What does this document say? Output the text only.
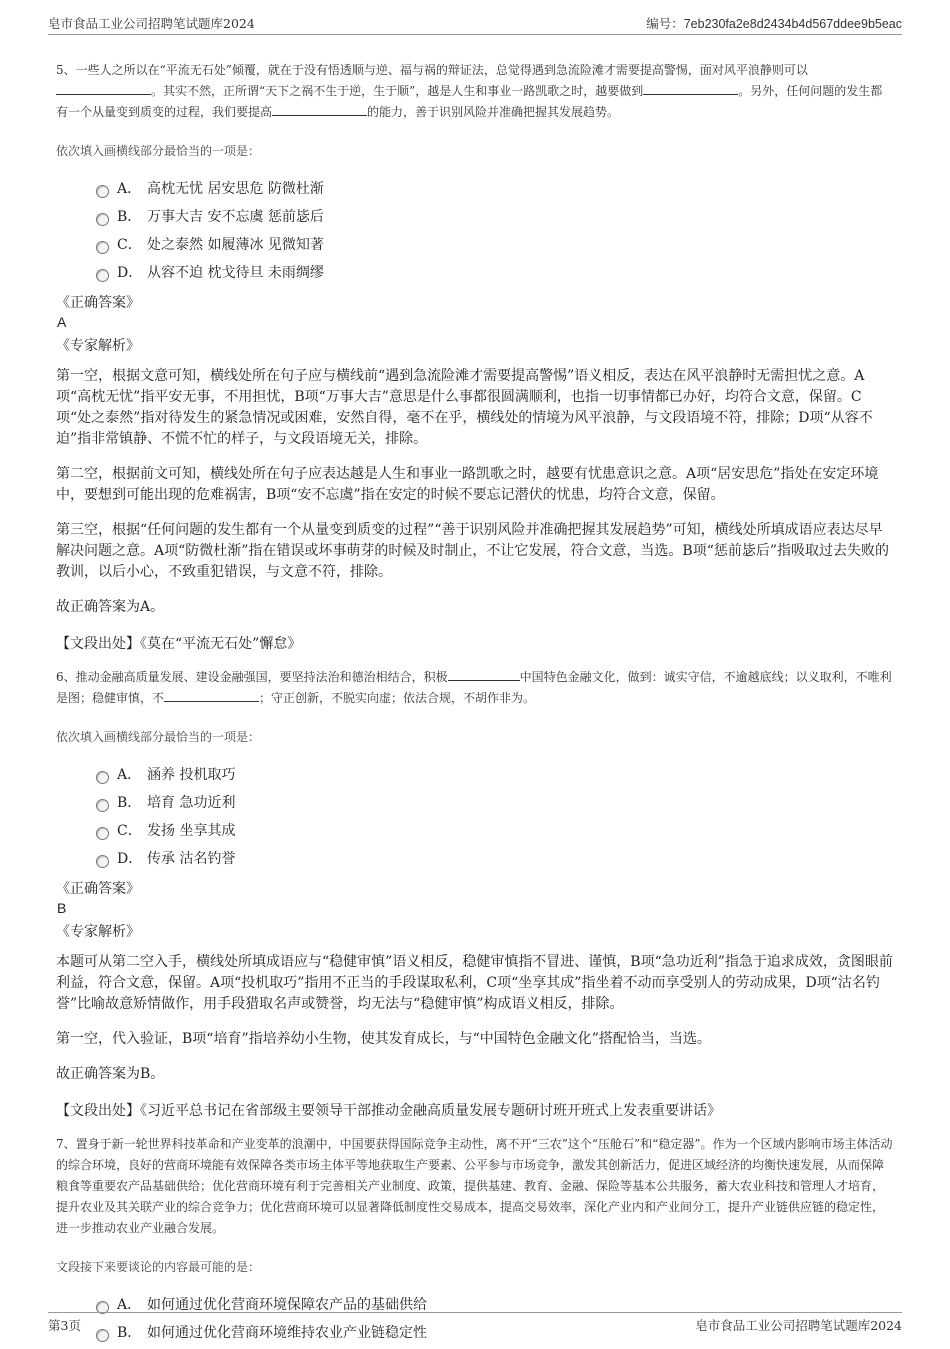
皂市食品工业公司招聘笔试题库2024	编号：7eb230fa2e8d2434b4d567ddee9b5eac

5、一些人之所以在“平流无石处”倾覆，就在于没有悟透顺与逆、福与祸的辩证法，总觉得遇到急流险滩才需要提高警惕，面对风平浪静则可以。其实不然，正所谓“天下之祸不生于逆，生于顺”，越是人生和事业一路凯歌之时，越要做到	。另外，任何问题的发生都有一个从量变到质变的过程，我们要提高	的能力，善于识别风险并准确把握其发展趋势。

依次填入画横线部分最恰当的一项是：

A． 高枕无忧 居安思危 防微杜渐
B． 万事大吉 安不忘虞 惩前毖后
C． 处之泰然 如履薄冰 见微知著
D． 从容不迫 枕戈待旦 未雨绸缪

《正确答案》

A

《专家解析》

第一空，根据文意可知，横线处所在句子应与横线前“遇到急流险滩才需要提高警惕”语义相反，表达在风平浪静时无需担忧之意。A项“高枕无忧”指平安无事，不用担忧，B项“万事大吉”意思是什么事都很圆满顺利，也指一切事情都已办好，均符合文意，保留。C项“处之泰然”指对待发生的紧急情况或困难，安然自得，毫不在乎，横线处的情境为风平浪静，与文段语境不符，排除；D项“从容不迫”指非常镇静、不慌不忙的样子，与文段语境无关，排除。

第二空，根据前文可知，横线处所在句子应表达越是人生和事业一路凯歌之时，越要有忧患意识之意。A项“居安思危”指处在安定环境中，要想到可能出现的危难祸害，B项“安不忘虞”指在安定的时候不要忘记潜伏的忧患，均符合文意，保留。

第三空，根据“任何问题的发生都有一个从量变到质变的过程”“善于识别风险并准确把握其发展趋势”可知，横线处所填成语应表达尽早解决问题之意。A项“防微杜渐”指在错误或坏事萌芽的时候及时制止，不让它发展，符合文意，当选。B项“惩前毖后”指吸取过去失败的教训，以后小心，不致重犯错误，与文意不符，排除。

故正确答案为A。

【文段出处】《莫在“平流无石处”懈怠》

6、推动金融高质量发展、建设金融强国，要坚持法治和德治相结合，积极	中国特色金融文化，做到：诚实守信，不逾越底线；以义取利，不唯利是图；稳健审慎，不	；守正创新，不脱实向虚；依法合规，不胡作非为。

依次填入画横线部分最恰当的一项是：

A． 涵养 投机取巧
B． 培育 急功近利
C． 发扬 坐享其成
D． 传承 沽名钓誉

《正确答案》

B

《专家解析》

本题可从第二空入手，横线处所填成语应与“稳健审慎”语义相反，稳健审慎指不冒进、谨慎，B项“急功近利”指急于追求成效，贪图眼前利益，符合文意，保留。A项“投机取巧”指用不正当的手段谋取私利，C项“坐享其成”指坐着不动而享受别人的劳动成果，D项“沽名钓誉”比喻故意矫情做作，用手段猎取名声或赞誉，均无法与“稳健审慎”构成语义相反，排除。

第一空，代入验证，B项“培育”指培养幼小生物，使其发育成长，与“中国特色金融文化”搭配恰当，当选。

故正确答案为B。

【文段出处】《习近平总书记在省部级主要领导干部推动金融高质量发展专题研讨班开班式上发表重要讲话》

7、置身于新一轮世界科技革命和产业变革的浪潮中，中国要获得国际竞争主动性，离不开“三农”这个“压舱石”和“稳定器”。作为一个区域内影响市场主体活动的综合环境，良好的营商环境能有效保障各类市场主体平等地获取生产要素、公平参与市场竞争，激发其创新活力，促进区域经济的均衡快速发展，从而保障粮食等重要农产品基础供给；优化营商环境有利于完善相关产业制度、政策，提供基建、教育、金融、保险等基本公共服务，蓄大农业科技和管理人才培育，提升农业及其关联产业的综合竞争力；优化营商环境可以显著降低制度性交易成本，提高交易效率，深化产业内和产业间分工，提升产业链供应链的稳定性，进一步推动农业产业融合发展。

文段接下来要谈论的内容最可能的是：

A． 如何通过优化营商环境保障农产品的基础供给
B． 如何通过优化营商环境维持农业产业链稳定性
第3页	皂市食品工业公司招聘笔试题库2024
